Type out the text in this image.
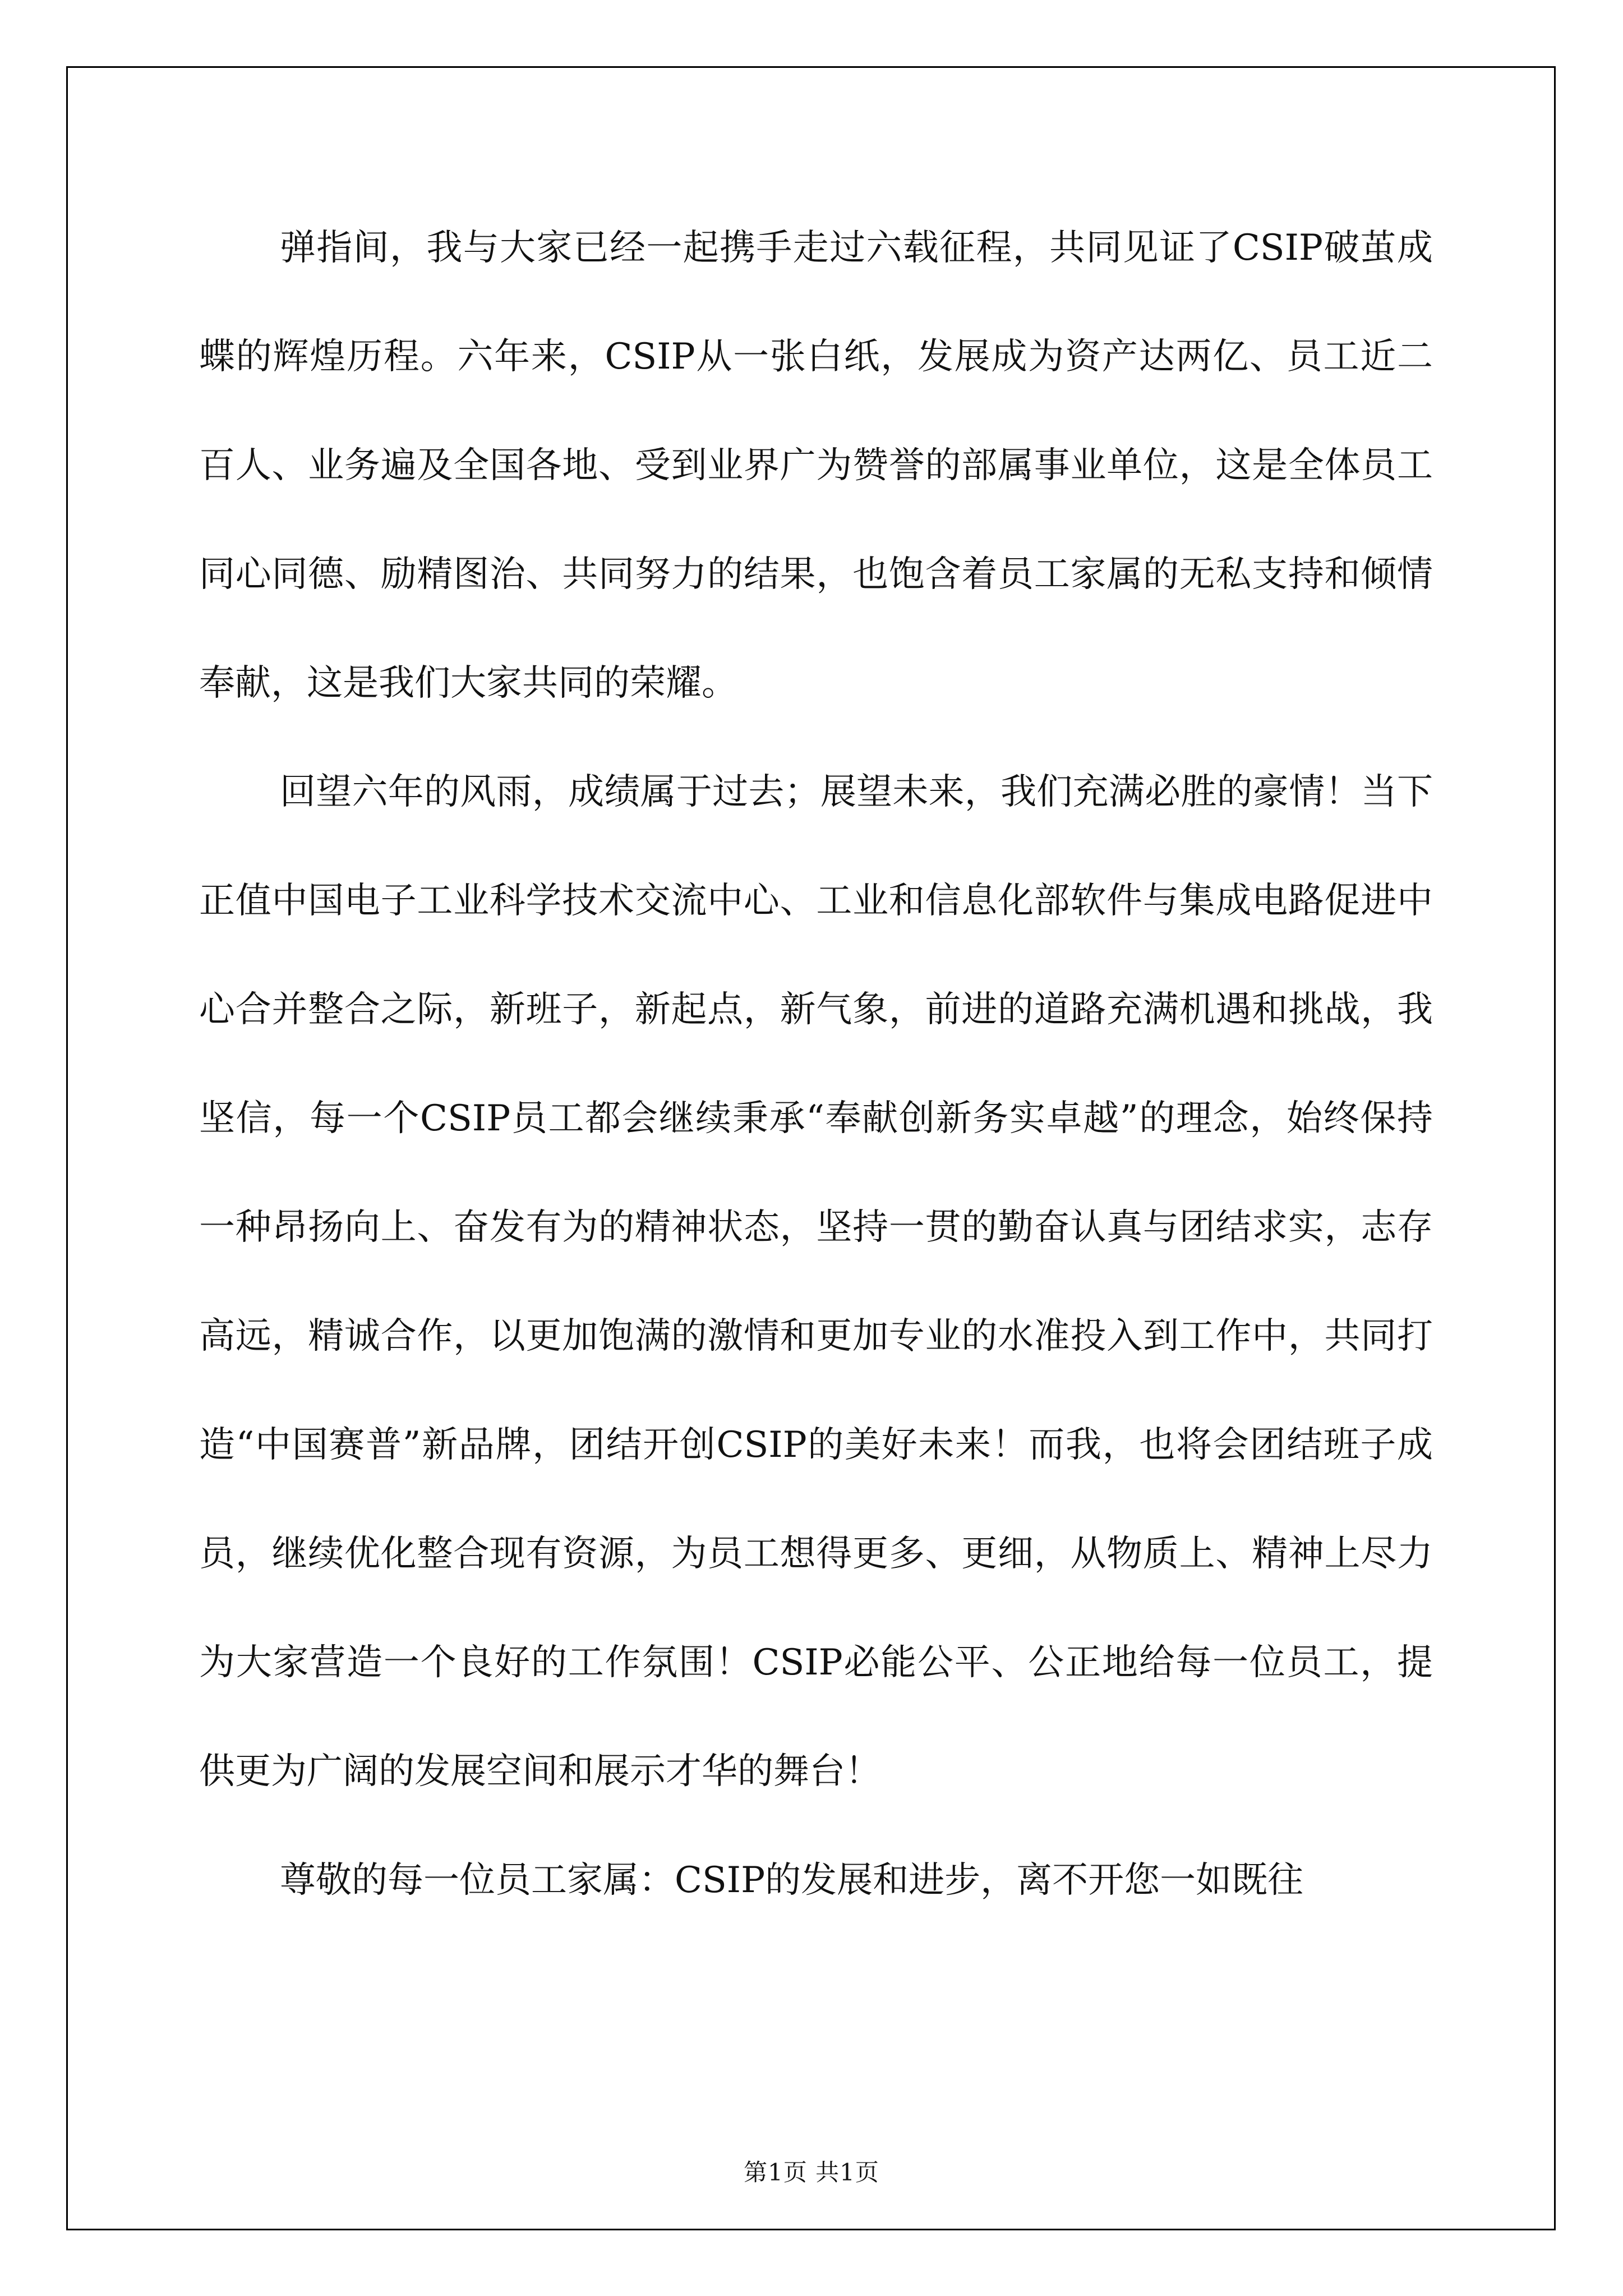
弹指间，我与大家已经一起携手走过六载征程，共同见证了CSIP破茧成蝶的辉煌历程。六年来，CSIP从一张白纸，发展成为资产达两亿、员工近二百人、业务遍及全国各地、受到业界广为赞誉的部属事业单位，这是全体员工同心同德、励精图治、共同努力的结果，也饱含着员工家属的无私支持和倾情奉献，这是我们大家共同的荣耀。

回望六年的风雨，成绩属于过去；展望未来，我们充满必胜的豪情！当下正值中国电子工业科学技术交流中心、工业和信息化部软件与集成电路促进中心合并整合之际，新班子，新起点，新气象，前进的道路充满机遇和挑战，我坚信，每一个CSIP员工都会继续秉承“奉献创新务实卓越”的理念，始终保持一种昂扬向上、奋发有为的精神状态，坚持一贯的勤奋认真与团结求实，志存高远，精诚合作，以更加饱满的激情和更加专业的水准投入到工作中，共同打造“中国赛普”新品牌，团结开创CSIP的美好未来！而我，也将会团结班子成员，继续优化整合现有资源，为员工想得更多、更细，从物质上、精神上尽力为大家营造一个良好的工作氛围！CSIP必能公平、公正地给每一位员工，提供更为广阔的发展空间和展示才华的舞台！

尊敬的每一位员工家属：CSIP的发展和进步，离不开您一如既往

第1页 共1页
